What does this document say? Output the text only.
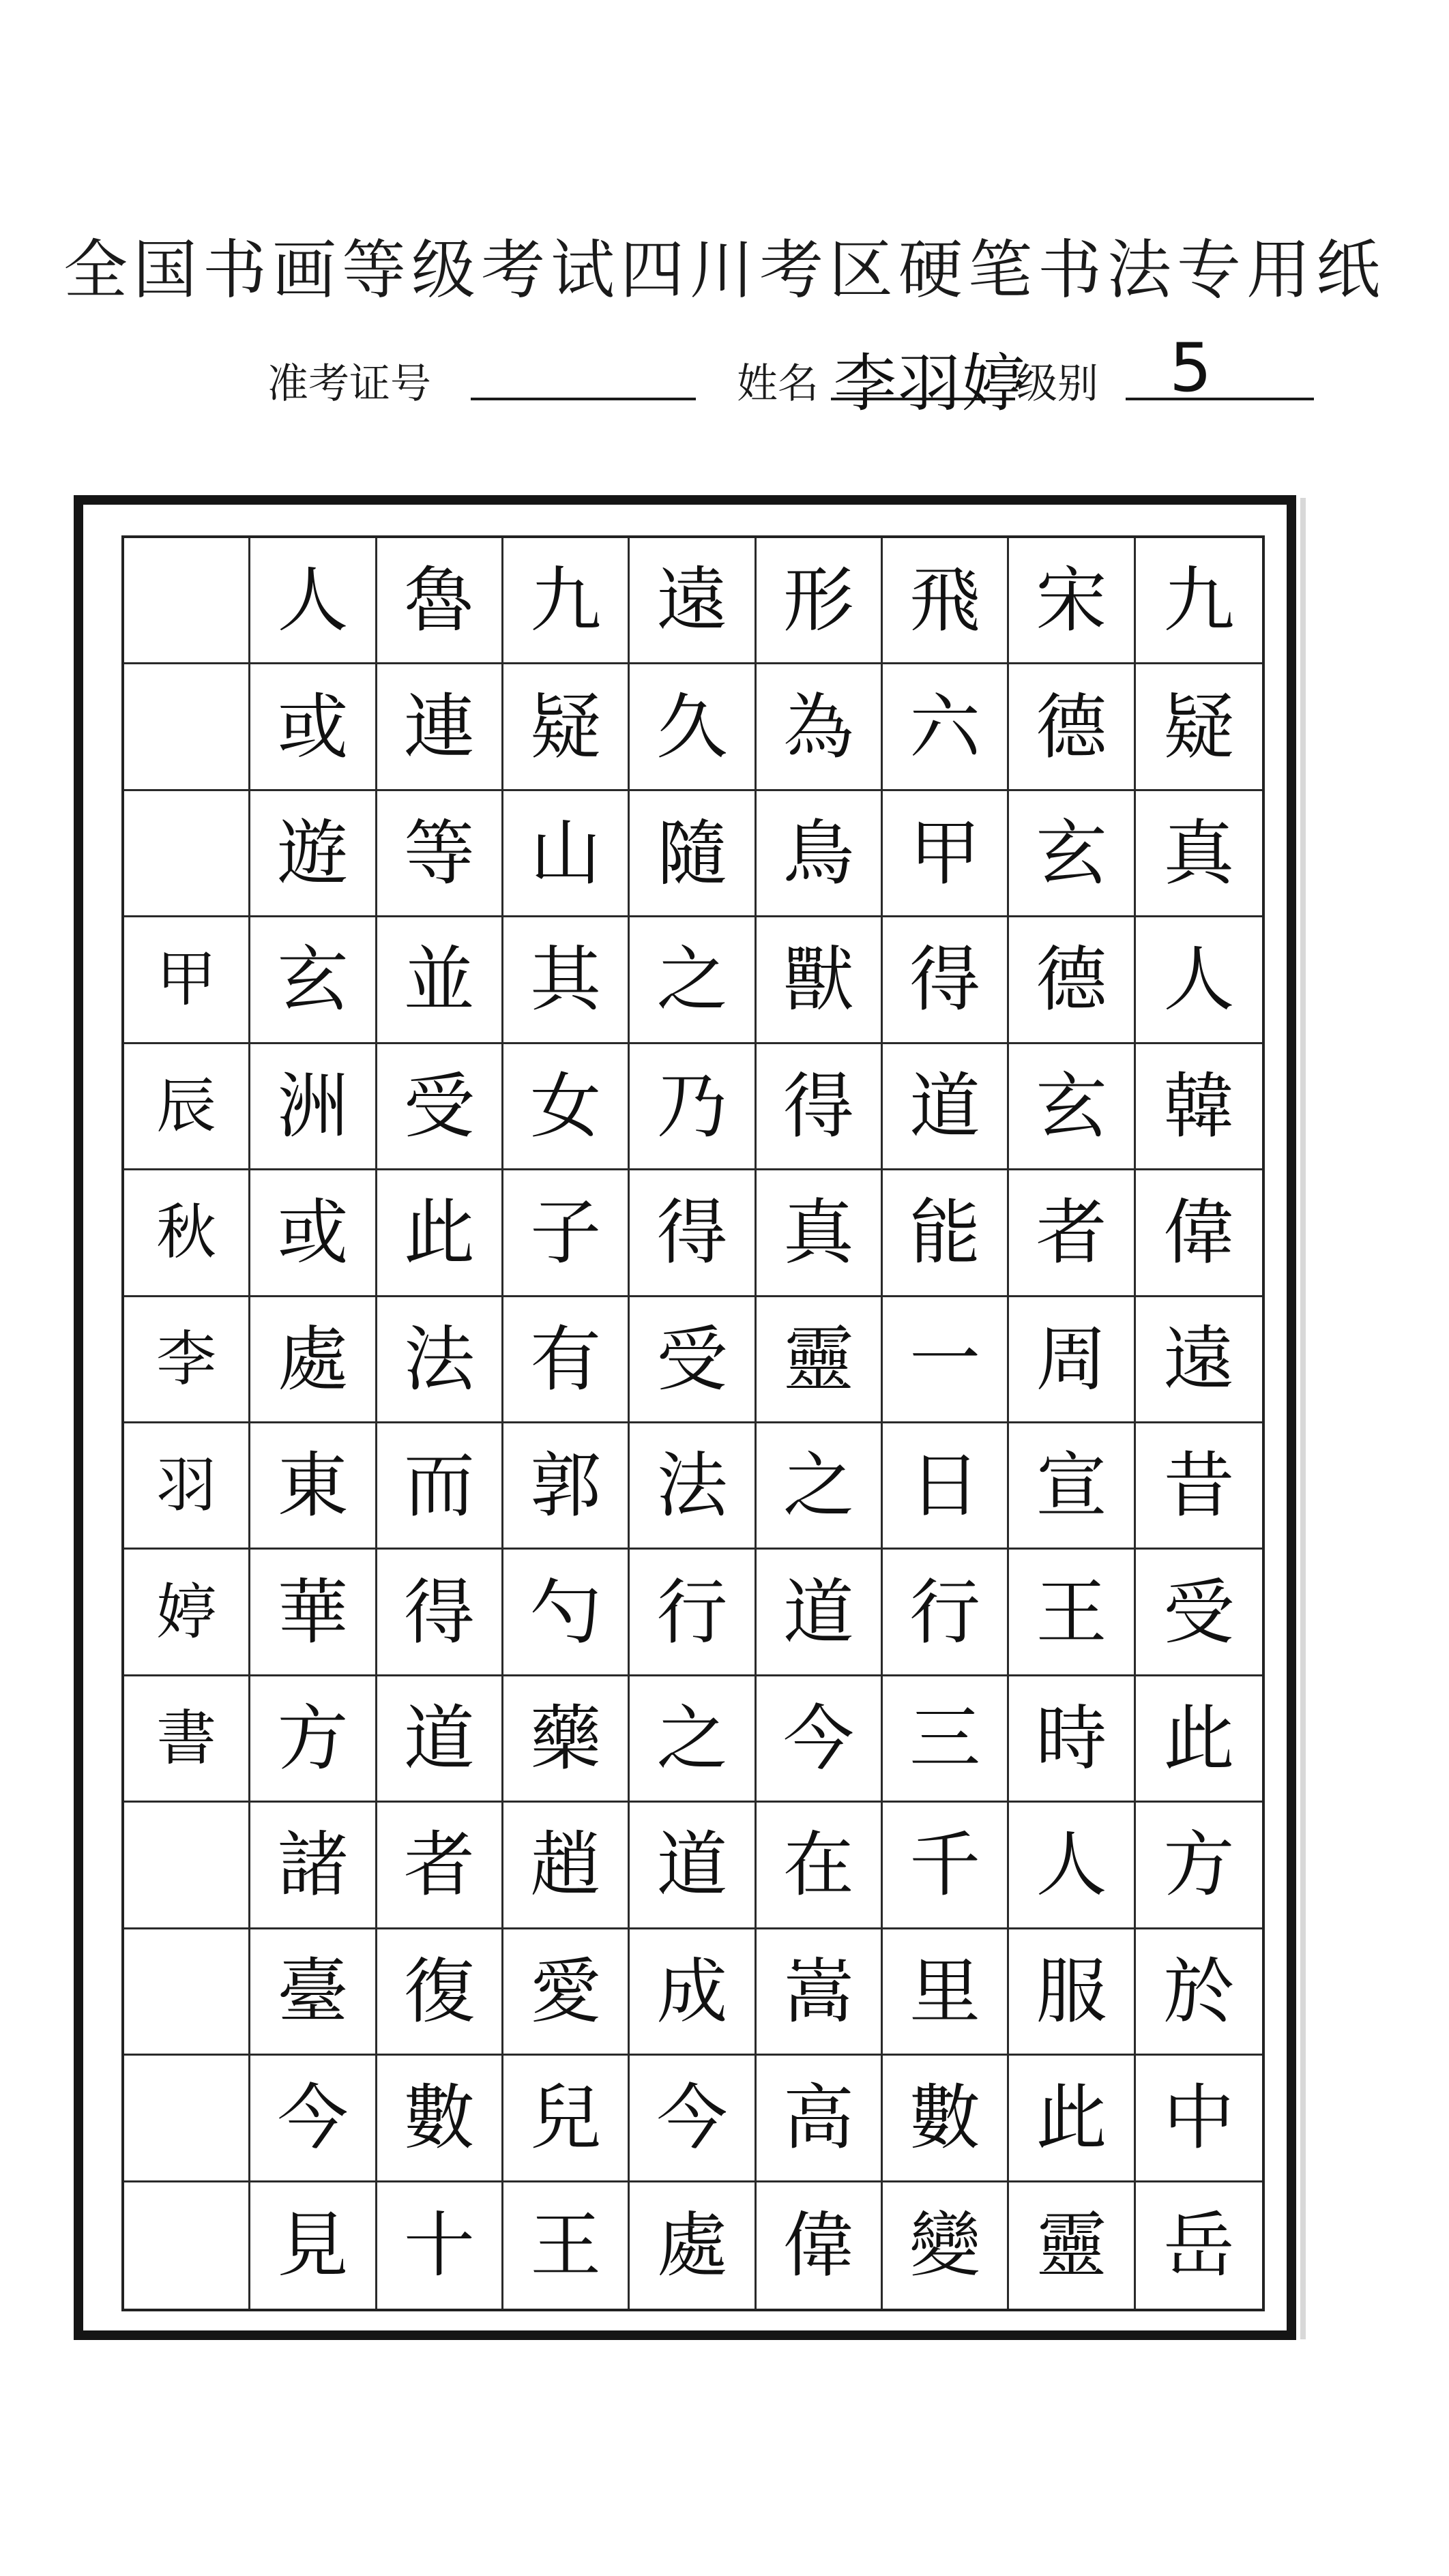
全国书画等级考试四川考区硬笔书法专用纸
准考证号	姓名 李羽婷
级别 5
人 魯 九 遠 形 飛 宋 九
或 連 疑 久 為 六 德 疑
遊 等 山 隨 鳥 甲 玄 真
甲 玄 並 其 之 獸 得 德 人
辰 洲 受 女 乃 得 道 玄 韓
秋 或 此 子 得 真 能 者 偉
李 處 法 有 受 靈 一 周 遠
羽 東 而 郭 法 之 日 宣 昔
婷 華 得 勺 行 道 行 王 受
書 方 道 藥 之 今 三 時 此
諸 者 趙 道 在 千 人 方
臺 復 愛 成 嵩 里 服 於
今 數 兒 今 高 數 此 中
見 十 王 處 偉 變 靈 岳
